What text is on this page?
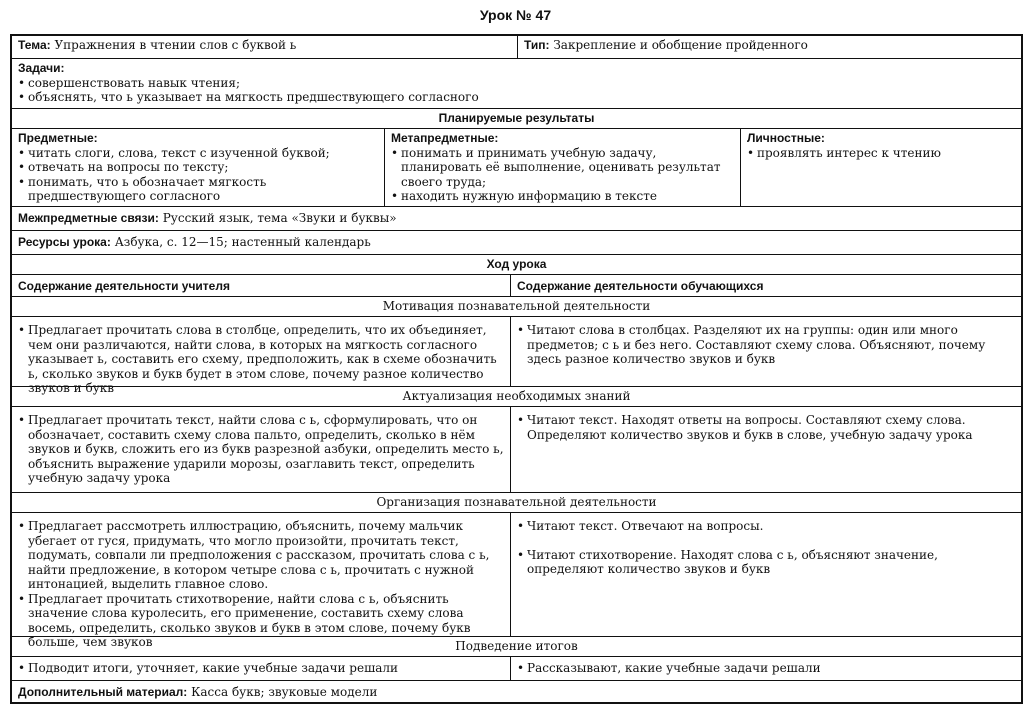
Урок № 47
Тема: Упражнения в чтении слов с буквой ь	Тип: Закрепление и обобщение пройденного
Задачи:
• совершенствовать навык чтения;
• объяснять, что ь указывает на мягкость предшествующего согласного
Планируемые результаты
Предметные:
• читать слоги, слова, текст с изученной буквой;
• отвечать на вопросы по тексту;
• понимать, что ь обозначает мягкость предшествующего согласного
Метапредметные:
• понимать и принимать учебную задачу, планировать её выполнение, оценивать результат своего труда;
• находить нужную информацию в тексте
Личностные:
• проявлять интерес к чтению
Межпредметные связи: Русский язык, тема «Звуки и буквы»
Ресурсы урока: Азбука, с. 12—15; настенный календарь
Ход урока
Содержание деятельности учителя	Содержание деятельности обучающихся
Мотивация познавательной деятельности
• Предлагает прочитать слова в столбце, определить, что их объединяет, чем они различаются, найти слова, в которых на мягкость согласного указывает ь, составить его схему, предположить, как в схеме обозначить ь, сколько звуков и букв будет в этом слове, почему разное количество звуков и букв
• Читают слова в столбцах. Разделяют их на группы: один или много предметов; с ь и без него. Составляют схему слова. Объясняют, почему здесь разное количество звуков и букв
Актуализация необходимых знаний
• Предлагает прочитать текст, найти слова с ь, сформулировать, что он обозначает, составить схему слова пальто, определить, сколько в нём звуков и букв, сложить его из букв разрезной азбуки, определить место ь, объяснить выражение ударили морозы, озаглавить текст, определить учебную задачу урока
• Читают текст. Находят ответы на вопросы. Составляют схему слова. Определяют количество звуков и букв в слове, учебную задачу урока
Организация познавательной деятельности
• Предлагает рассмотреть иллюстрацию, объяснить, почему мальчик убегает от гуся, придумать, что могло произойти, прочитать текст, подумать, совпали ли предположения с рассказом, прочитать слова с ь, найти предложение, в котором четыре слова с ь, прочитать с нужной интонацией, выделить главное слово.
• Предлагает прочитать стихотворение, найти слова с ь, объяснить значение слова куролесить, его применение, составить схему слова восемь, определить, сколько звуков и букв в этом слове, почему букв больше, чем звуков
• Читают текст. Отвечают на вопросы.
• Читают стихотворение. Находят слова с ь, объясняют значение, определяют количество звуков и букв
Подведение итогов
• Подводит итоги, уточняет, какие учебные задачи решали
•	Рассказывают, какие учебные задачи решали
Дополнительный материал: Касса букв; звуковые модели
